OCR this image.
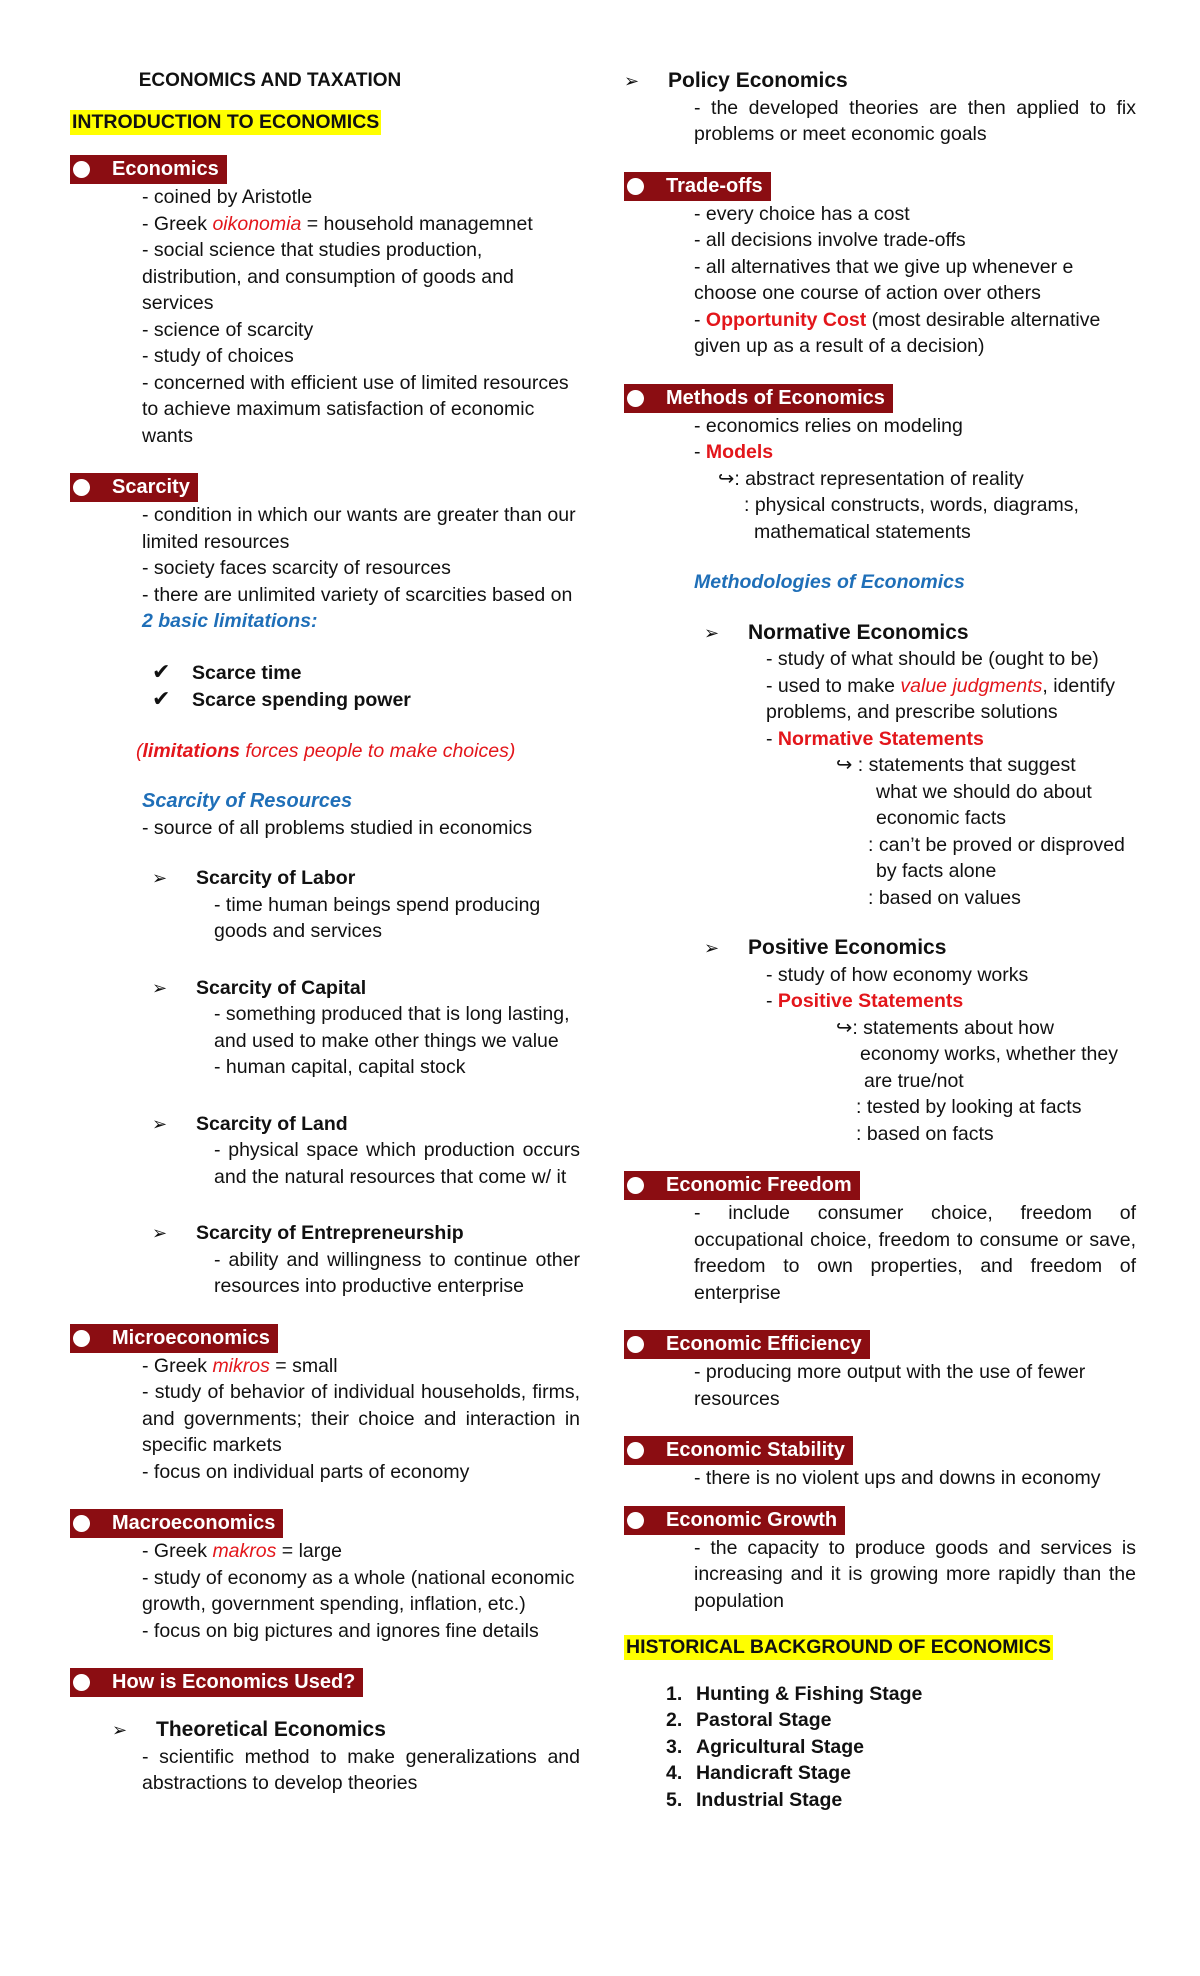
ECONOMICS AND TAXATION
INTRODUCTION TO ECONOMICS
Economics
- coined by Aristotle
- Greek oikonomia = household managemnet
- social science that studies production, distribution, and consumption of goods and services
- science of scarcity
- study of choices
- concerned with efficient use of limited resources to achieve maximum satisfaction of economic wants
Scarcity
- condition in which our wants are greater than our limited resources
- society faces scarcity of resources
- there are unlimited variety of scarcities based on 2 basic limitations:
✔ Scarce time
✔ Scarce spending power
(limitations forces people to make choices)
Scarcity of Resources
- source of all problems studied in economics
➢ Scarcity of Labor
- time human beings spend producing goods and services
➢ Scarcity of Capital
- something produced that is long lasting, and used to make other things we value
- human capital, capital stock
➢ Scarcity of Land
- physical space which production occurs and the natural resources that come w/ it
➢ Scarcity of Entrepreneurship
- ability and willingness to continue other resources into productive enterprise
Microeconomics
- Greek mikros = small
- study of behavior of individual households, firms, and governments; their choice and interaction in specific markets
- focus on individual parts of economy
Macroeconomics
- Greek makros = large
- study of economy as a whole (national economic growth, government spending, inflation, etc.)
- focus on big pictures and ignores fine details
How is Economics Used?
➢ Theoretical Economics
- scientific method to make generalizations and abstractions to develop theories
➢ Policy Economics
- the developed theories are then applied to fix problems or meet economic goals
Trade-offs
- every choice has a cost
- all decisions involve trade-offs
- all alternatives that we give up whenever e choose one course of action over others
- Opportunity Cost (most desirable alternative given up as a result of a decision)
Methods of Economics
- economics relies on modeling
- Models
↪: abstract representation of reality
: physical constructs, words, diagrams,
mathematical statements
Methodologies of Economics
➢ Normative Economics
- study of what should be (ought to be)
- used to make value judgments, identify problems, and prescribe solutions
- Normative Statements
↪ : statements that suggest
what we should do about
economic facts
: can’t be proved or disproved
by facts alone
: based on values
➢ Positive Economics
- study of how economy works
- Positive Statements
↪: statements about how
economy works, whether they
are true/not
: tested by looking at facts
: based on facts
Economic Freedom
- include consumer choice, freedom of occupational choice, freedom to consume or save, freedom to own properties, and freedom of enterprise
Economic Efficiency
- producing more output with the use of fewer resources
Economic Stability
- there is no violent ups and downs in economy
Economic Growth
- the capacity to produce goods and services is increasing and it is growing more rapidly than the population
HISTORICAL BACKGROUND OF ECONOMICS
1. Hunting & Fishing Stage
2. Pastoral Stage
3. Agricultural Stage
4. Handicraft Stage
5. Industrial Stage
